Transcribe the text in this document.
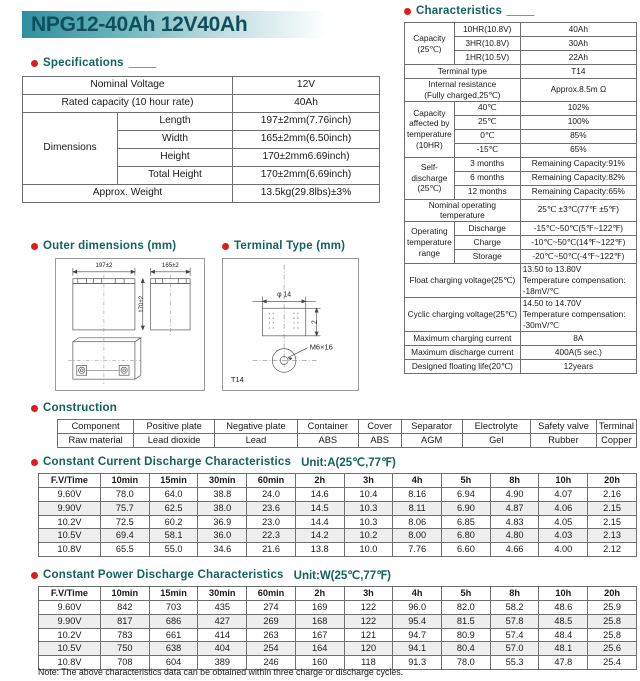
NPG12-40Ah 12V40Ah
Specifications
Nominal Voltage		12V
Rated capacity (10 hour rate)		40Ah
Dimensions	Length	197±2mm(7.76inch)
	Width	165±2mm(6.50inch)
	Height	170±2mm6.69inch)
	Total Height	170±2mm(6.69inch)
Approx. Weight		13.5kg(29.8lbs)±3%
Characteristics
Capacity
(25℃)	10HR(10.8V)	40Ah
	3HR(10.8V)	30Ah
	1HR(10.5V)	22Ah
Terminal type		T14

Internal resistance
(Fully charged,25℃)		Approx.8.5m Ω

Capacity
affected by
temperature
(10HR)	40℃	102%
	25℃	100%
	0℃	85%
	-15℃	65%

Self-discharge
(25℃)	3 months	Remaining Capacity:91%
	6 months	Remaining Capacity:82%
	12 months	Remaining Capacity:65%

Nominal operating
temperature		25℃ ±3℃(77℉ ±5℉)

Operating
temperature
range	Discharge	-15℃~50℃(5℉~122℉)
	Charge	-10℃~50℃(14℉~122℉)
	Storage	-20℃~50℃(-4℉~122℉)
Float charging voltage(25℃)		13.50 to 13.80V
Temperature compensation:
-18mV/℃

Cyclic charging voltage(25℃)		14.50 to 14.70V
Temperature compensation:
-30mV/℃

Maximum charging current		8A
Maximum discharge current		400A(5 sec.)
Designed floating life(20℃)		12years
Outer dimensions (mm)
197±2	165±2
170±2
Terminal Type (mm)
φ 14
2
M6×16
T14
Construction
Component	Positive plate	Negative plate	Container	Cover	Separator	Electrolyte	Safety valve	Terminal
Raw material	Lead dioxide	Lead	ABS	ABS	AGM	Gel	Rubber	Copper
Constant Current Discharge Characteristics Unit:A(25℃,77℉)
F.V/Time	10min	15min	30min	60min	2h	3h	4h	5h	8h	10h	20h
9.60V	78.0	64.0	38.8	24.0	14.6	10.4	8.16	6.94	4.90	4.07	2.16
9.90V	75.7	62.5	38.0	23.6	14.5	10.3	8.11	6.90	4.87	4.06	2.15
10.2V	72.5	60.2	36.9	23.0	14.4	10.3	8.06	6.85	4.83	4.05	2.15
10.5V	69.4	58.1	36.0	22.3	14.2	10.2	8.00	6.80	4.80	4.03	2.13
10.8V	65.5	55.0	34.6	21.6	13.8	10.0	7.76	6.60	4.66	4.00	2.12
Constant Power Discharge Characteristics Unit:W(25℃,77℉)
F.V/Time	10min	15min	30min	60min	2h	3h	4h	5h	8h	10h	20h
9.60V	842	703	435	274	169	122	96.0	82.0	58.2	48.6	25.9
9.90V	817	686	427	269	168	122	95.4	81.5	57.8	48.5	25.8
10.2V	783	661	414	263	167	121	94.7	80.9	57.4	48.4	25.8
10.5V	750	638	404	254	164	120	94.1	80.4	57.0	48.1	25.6
10.8V	708	604	389	246	160	118	91.3	78.0	55.3	47.8	25.4
Note: The above characteristics data can be obtained within three charge or discharge cycles.
